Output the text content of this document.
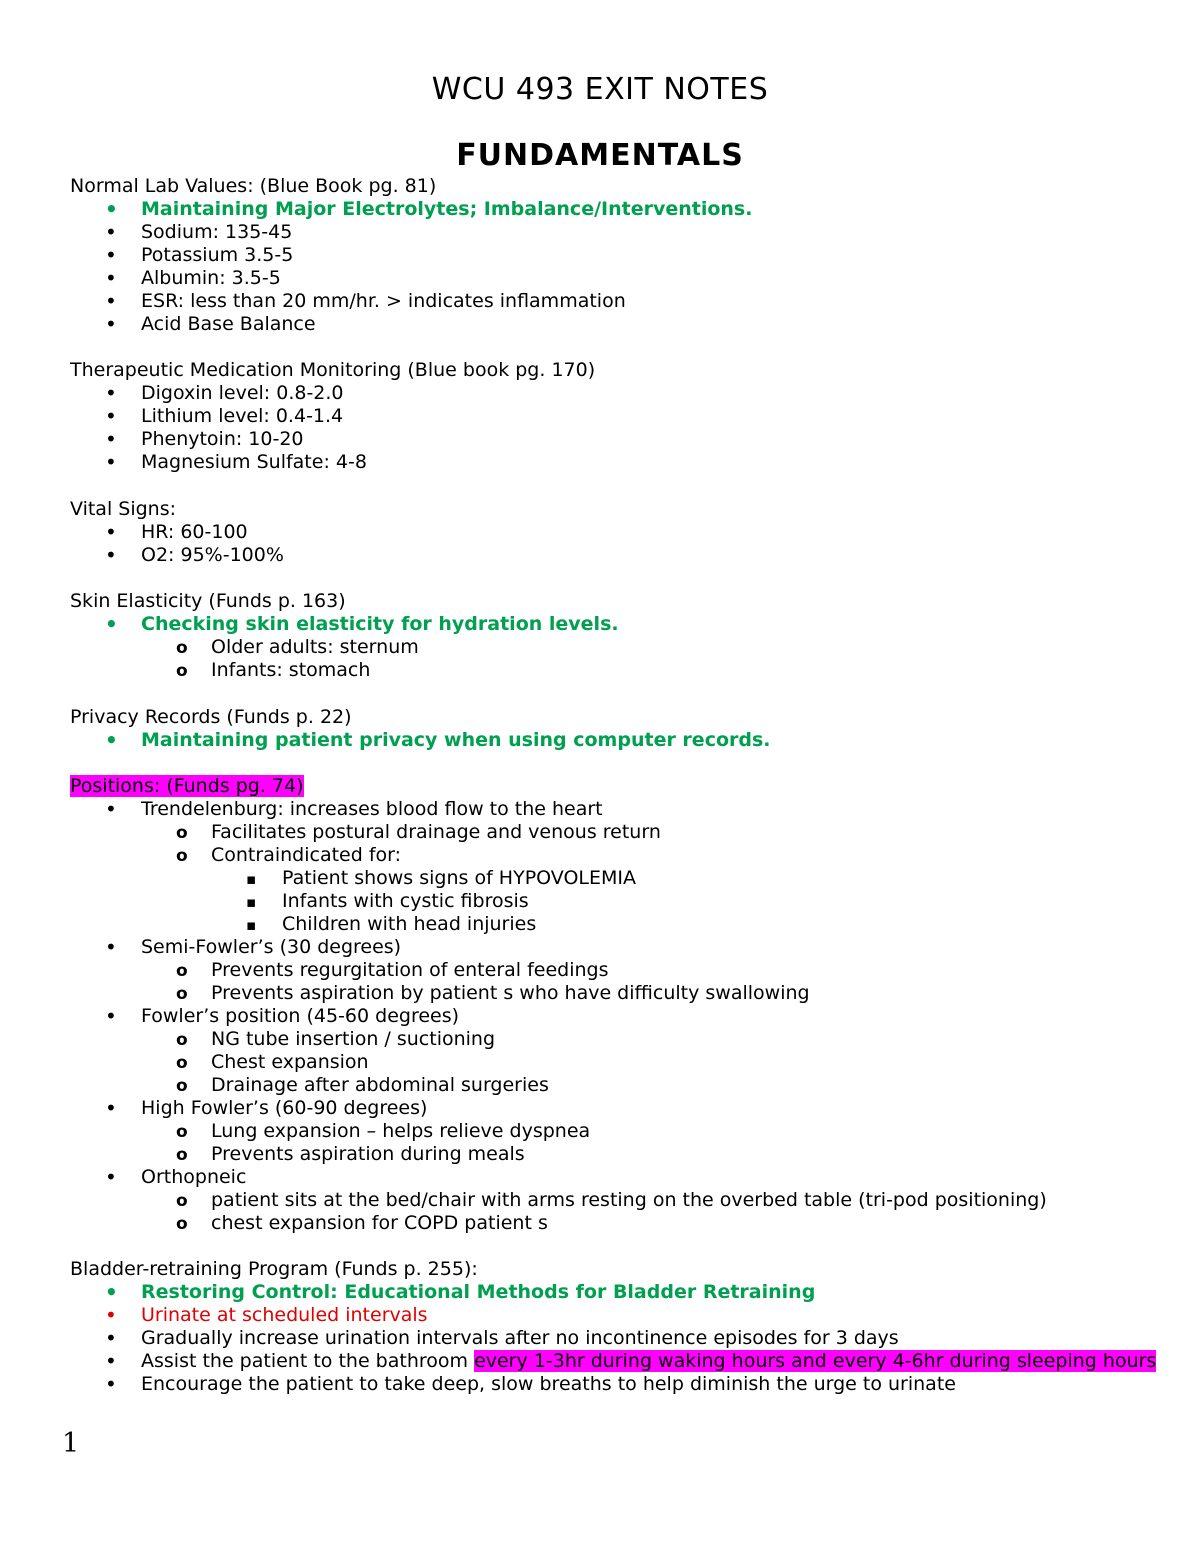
WCU 493 EXIT NOTES
FUNDAMENTALS
Normal Lab Values: (Blue Book pg. 81)
• Maintaining Major Electrolytes; Imbalance/Interventions.
• Sodium: 135-45
• Potassium 3.5-5
• Albumin: 3.5-5
• ESR: less than 20 mm/hr. > indicates inflammation
• Acid Base Balance
Therapeutic Medication Monitoring (Blue book pg. 170)
• Digoxin level: 0.8-2.0
• Lithium level: 0.4-1.4
• Phenytoin: 10-20
• Magnesium Sulfate: 4-8
Vital Signs:
• HR: 60-100
• O2: 95%-100%
Skin Elasticity (Funds p. 163)
• Checking skin elasticity for hydration levels.
o Older adults: sternum
o Infants: stomach
Privacy Records (Funds p. 22)
• Maintaining patient privacy when using computer records.
Positions: (Funds pg. 74)
• Trendelenburg: increases blood flow to the heart
o Facilitates postural drainage and venous return
o Contraindicated for:
▪ Patient shows signs of HYPOVOLEMIA
▪ Infants with cystic fibrosis
▪ Children with head injuries
• Semi-Fowler’s (30 degrees)
o Prevents regurgitation of enteral feedings
o Prevents aspiration by patient s who have difficulty swallowing
• Fowler’s position (45-60 degrees)
o NG tube insertion / suctioning
o Chest expansion
o Drainage after abdominal surgeries
• High Fowler’s (60-90 degrees)
o Lung expansion – helps relieve dyspnea
o Prevents aspiration during meals
• Orthopneic
o patient sits at the bed/chair with arms resting on the overbed table (tri-pod positioning)
o chest expansion for COPD patient s
Bladder-retraining Program (Funds p. 255):
• Restoring Control: Educational Methods for Bladder Retraining
• Urinate at scheduled intervals
• Gradually increase urination intervals after no incontinence episodes for 3 days
• Assist the patient to the bathroom every 1-3hr during waking hours and every 4-6hr during sleeping hours
• Encourage the patient to take deep, slow breaths to help diminish the urge to urinate
1
